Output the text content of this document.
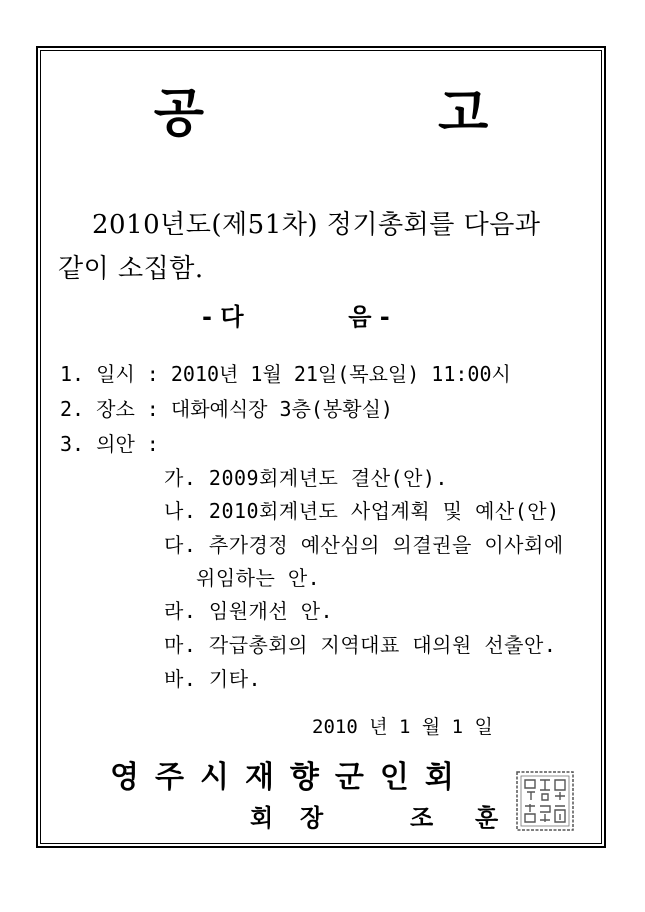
공 고
2010년도(제51차) 정기총회를 다음과
같이 소집함.
- 다	음 -
1. 일시 : 2010년 1월 21일(목요일) 11:00시
2. 장소 : 대화예식장 3층(봉황실)
3. 의안 :
가. 2009회계년도 결산(안).
나. 2010회계년도 사업계획 및 예산(안)
다. 추가경정 예산심의 의결권을 이사회에
위임하는 안.
라. 임원개선 안.
마. 각급총회의 지역대표 대의원 선출안.
바. 기타.
2010 년 1 월 1 일
영주시재향군인회
회 장	조 훈
